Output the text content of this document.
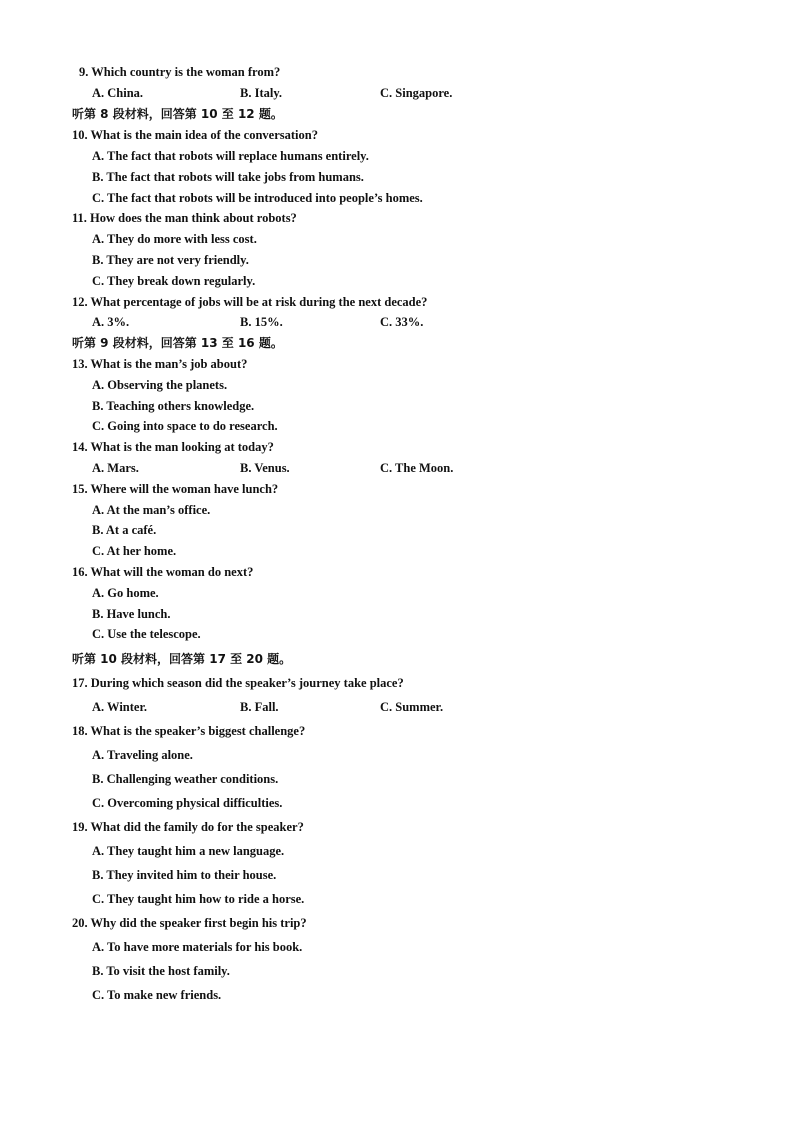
9. Which country is the woman from?
A. China.	B. Italy.	C. Singapore.
听第 8 段材料，回答第 10 至 12 题。
10. What is the main idea of the conversation?
A. The fact that robots will replace humans entirely.
B. The fact that robots will take jobs from humans.
C. The fact that robots will be introduced into people’s homes.
11. How does the man think about robots?
A. They do more with less cost.
B. They are not very friendly.
C. They break down regularly.
12. What percentage of jobs will be at risk during the next decade?
A. 3%.	B. 15%.	C. 33%.
听第 9 段材料，回答第 13 至 16 题。
13. What is the man’s job about?
A. Observing the planets.
B. Teaching others knowledge.
C. Going into space to do research.
14. What is the man looking at today?
A. Mars.	B. Venus.	C. The Moon.
15. Where will the woman have lunch?
A. At the man’s office.
B. At a café.
C. At her home.
16. What will the woman do next?
A. Go home.
B. Have lunch.
C. Use the telescope.
听第 10 段材料，回答第 17 至 20 题。
17. During which season did the speaker’s journey take place?
A. Winter.	B. Fall.	C. Summer.
18. What is the speaker’s biggest challenge?
A. Traveling alone.
B. Challenging weather conditions.
C. Overcoming physical difficulties.
19. What did the family do for the speaker?
A. They taught him a new language.
B. They invited him to their house.
C. They taught him how to ride a horse.
20. Why did the speaker first begin his trip?
A. To have more materials for his book.
B. To visit the host family.
C. To make new friends.
